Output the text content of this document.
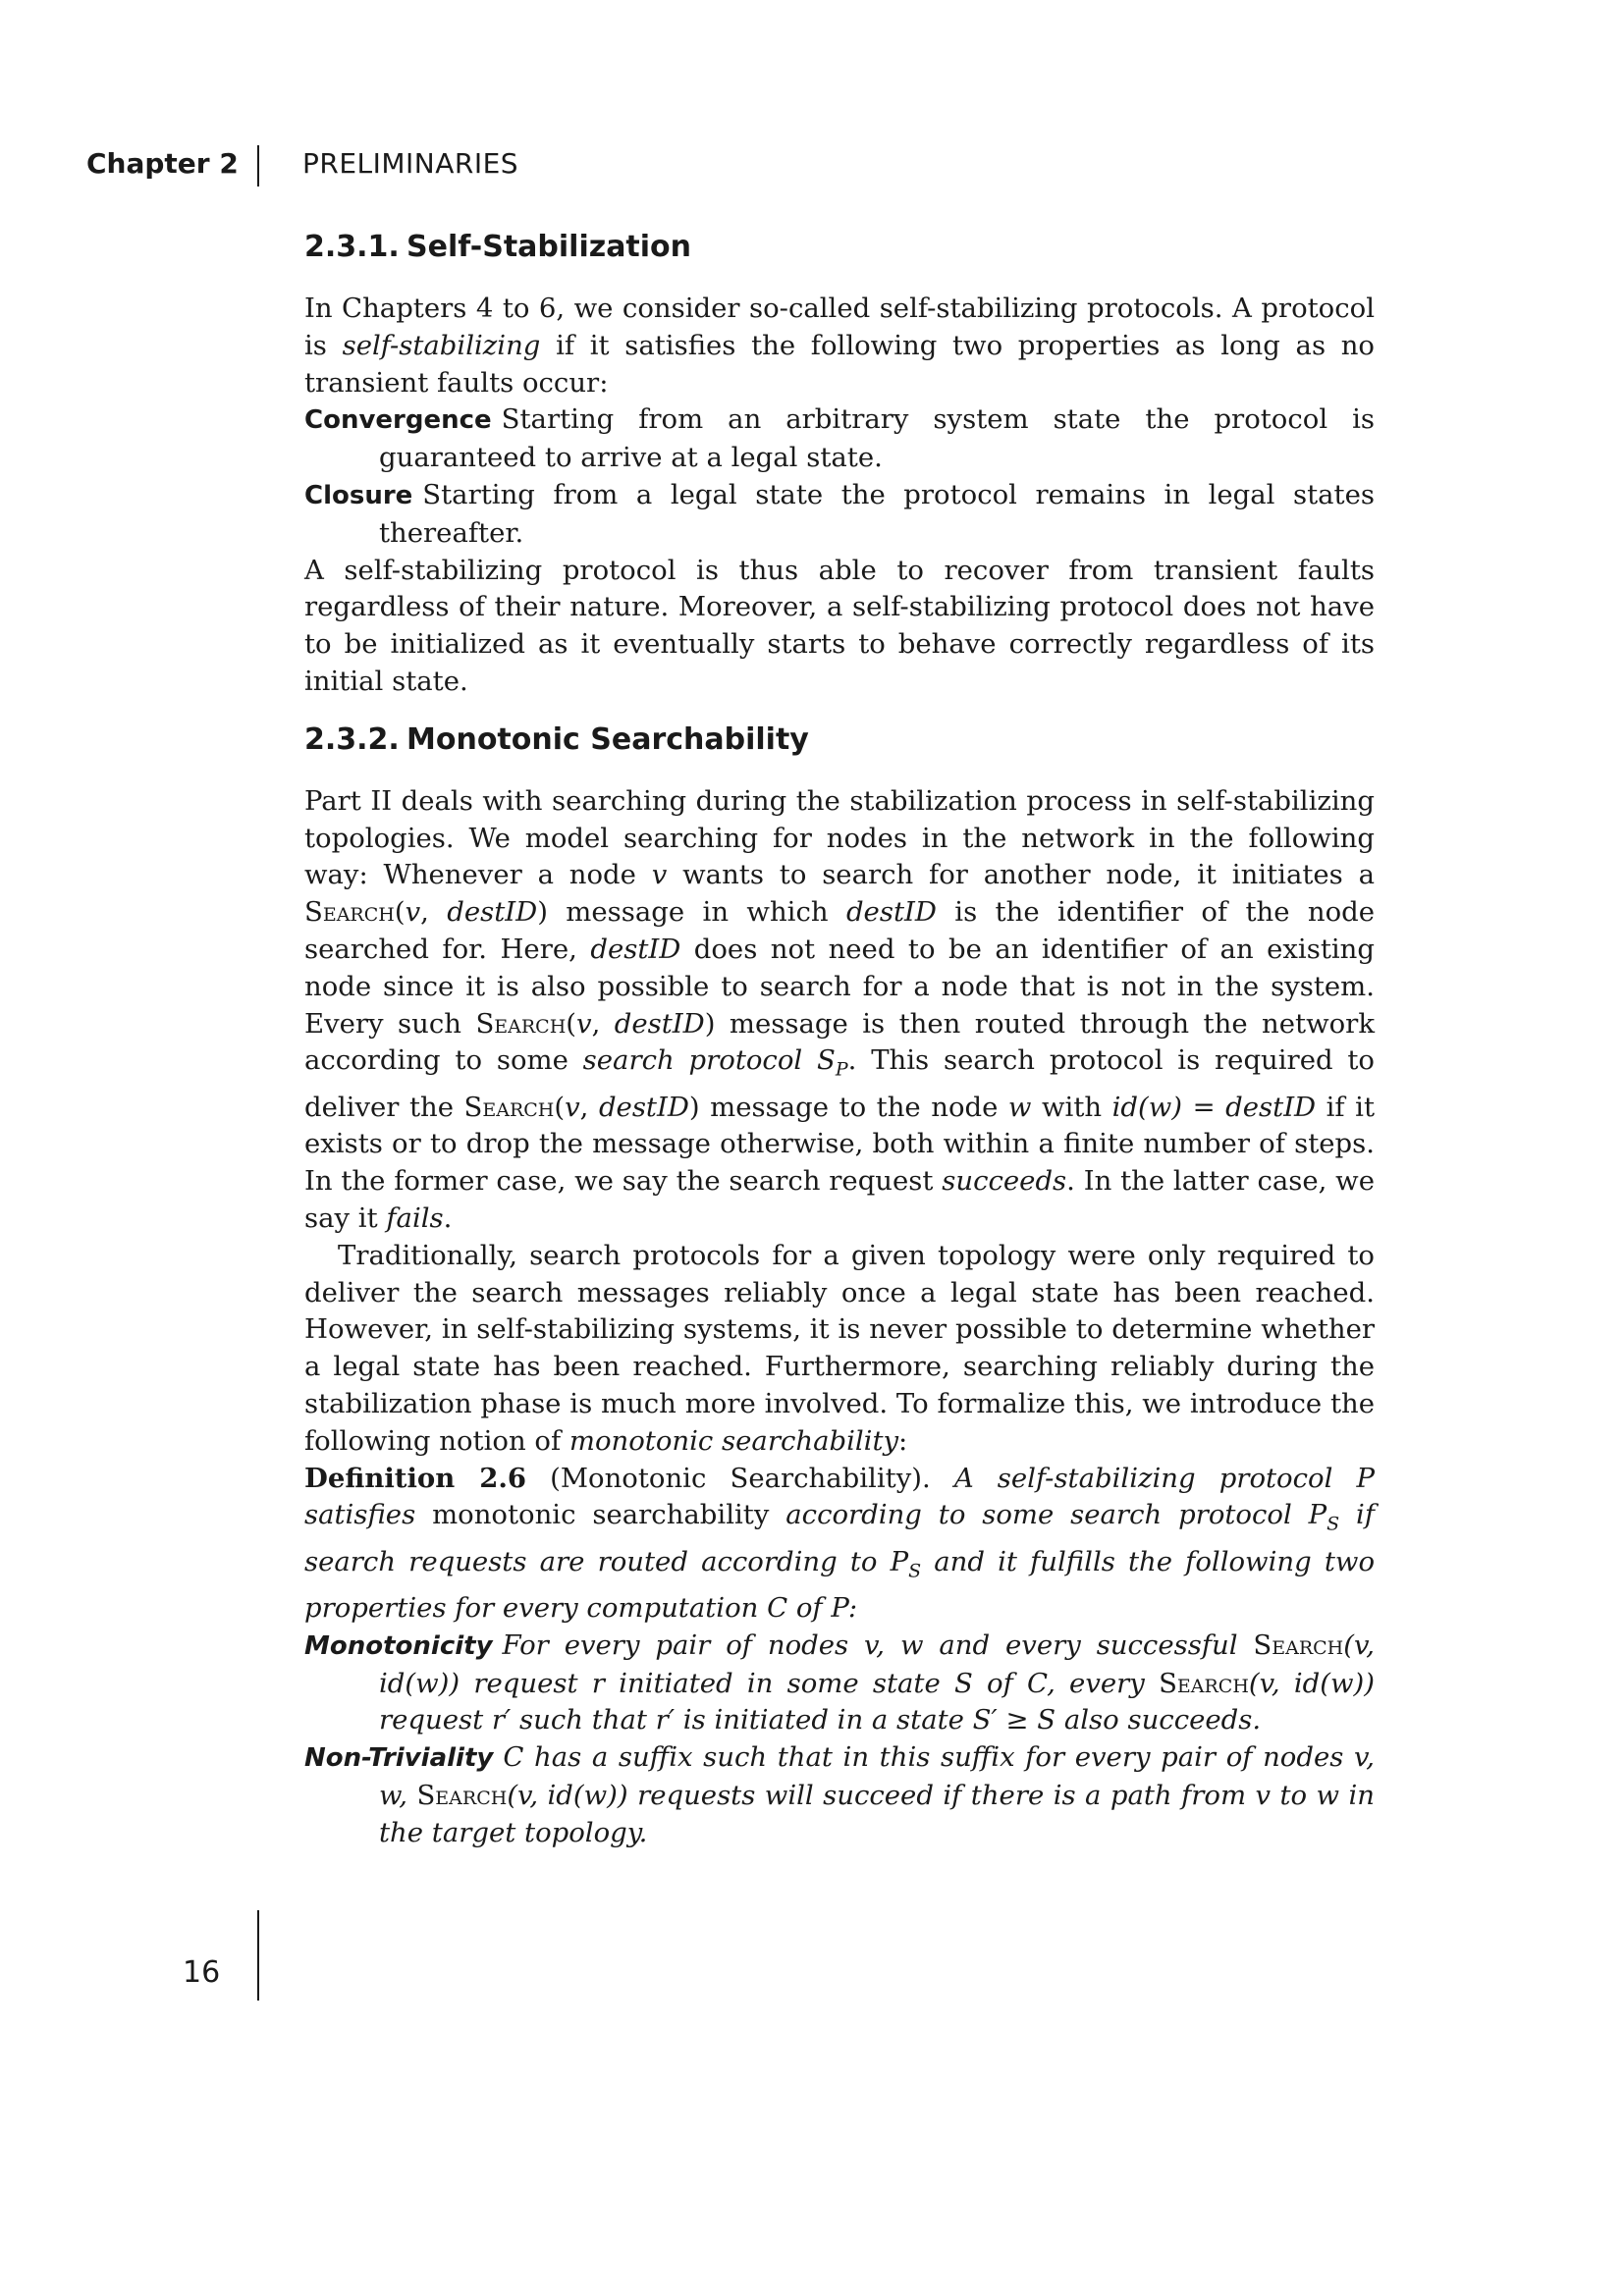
Chapter 2 PRELIMINARIES
2.3.1. Self-Stabilization

In Chapters 4 to 6, we consider so-called self-stabilizing protocols. A protocol is self-stabilizing if it satisfies the following two properties as long as no transient faults occur:

Convergence Starting from an arbitrary system state the protocol is guaranteed to arrive at a legal state.

Closure Starting from a legal state the protocol remains in legal states thereafter.

A self-stabilizing protocol is thus able to recover from transient faults regardless of their nature. Moreover, a self-stabilizing protocol does not have to be initialized as it eventually starts to behave correctly regardless of its initial state.

2.3.2. Monotonic Searchability

Part II deals with searching during the stabilization process in self-stabilizing topologies. We model searching for nodes in the network in the following way: Whenever a node v wants to search for another node, it initiates a Search(v, destID) message in which destID is the identifier of the node searched for. Here, destID does not need to be an identifier of an existing node since it is also possible to search for a node that is not in the system. Every such Search(v, destID) message is then routed through the network according to some search protocol $S_P$. This search protocol is required to deliver the Search(v, destID) message to the node w with id(w) = destID if it exists or to drop the message otherwise, both within a finite number of steps. In the former case, we say the search request succeeds. In the latter case, we say it fails.

Traditionally, search protocols for a given topology were only required to deliver the search messages reliably once a legal state has been reached. However, in self-stabilizing systems, it is never possible to determine whether a legal state has been reached. Furthermore, searching reliably during the stabilization phase is much more involved. To formalize this, we introduce the following notion of monotonic searchability:

Definition 2.6 (Monotonic Searchability). A self-stabilizing protocol P satisfies monotonic searchability according to some search protocol $P_S$ if search requests are routed according to $P_S$ and it fulfills the following two properties for every computation C of P:

Monotonicity For every pair of nodes v, w and every successful Search(v, id(w)) request r initiated in some state S of C, every Search(v, id(w)) request r′ such that r′ is initiated in a state S′ ≥ S also succeeds.

Non-Triviality C has a suffix such that in this suffix for every pair of nodes v, w, Search(v, id(w)) requests will succeed if there is a path from v to w in the target topology.

16
